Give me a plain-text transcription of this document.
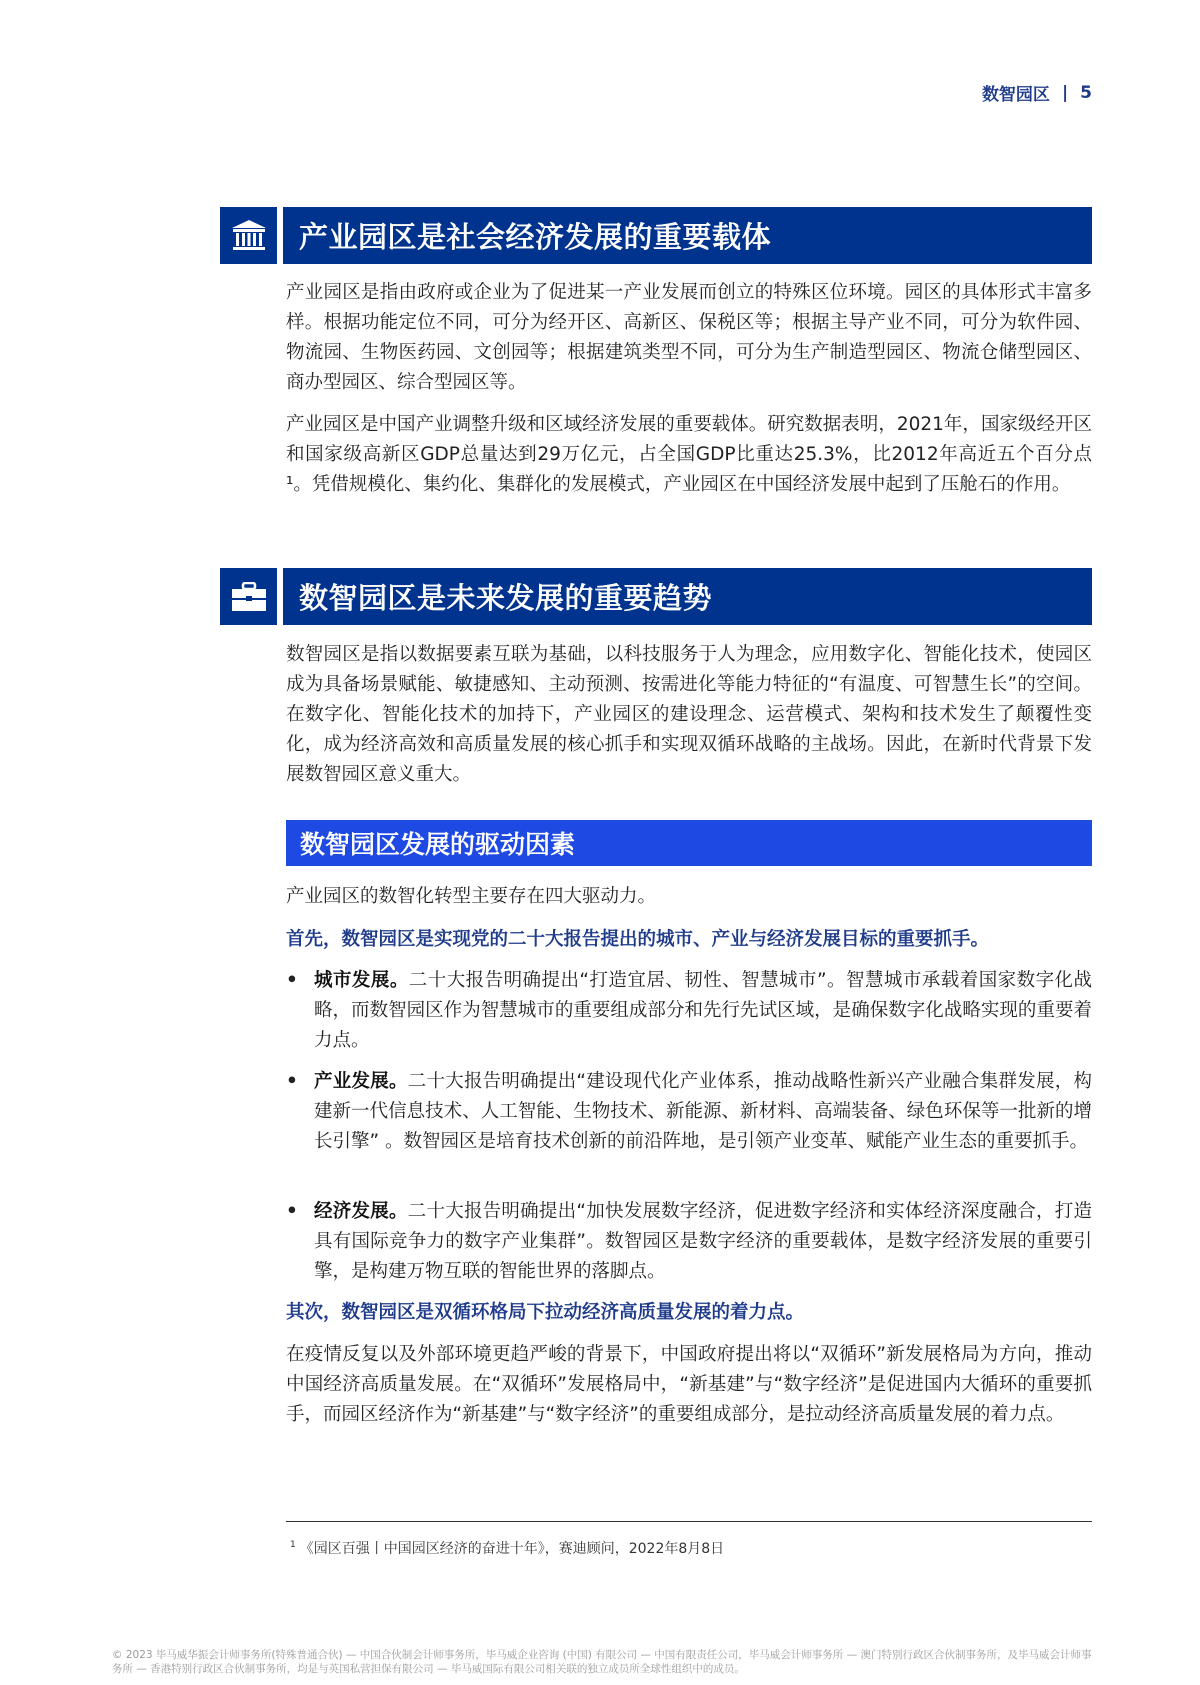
数智园区 | 5
产业园区是社会经济发展的重要载体

产业园区是指由政府或企业为了促进某一产业发展而创立的特殊区位环境。园区的具体形式丰富多样。根据功能定位不同，可分为经开区、高新区、保税区等；根据主导产业不同，可分为软件园、物流园、生物医药园、文创园等；根据建筑类型不同，可分为生产制造型园区、物流仓储型园区、商办型园区、综合型园区等。

产业园区是中国产业调整升级和区域经济发展的重要载体。研究数据表明，2021年，国家级经开区和国家级高新区GDP总量达到29万亿元，占全国GDP比重达25.3%，比2012年高近五个百分点¹。凭借规模化、集约化、集群化的发展模式，产业园区在中国经济发展中起到了压舱石的作用。

数智园区是未来发展的重要趋势

数智园区是指以数据要素互联为基础，以科技服务于人为理念，应用数字化、智能化技术，使园区成为具备场景赋能、敏捷感知、主动预测、按需进化等能力特征的“有温度、可智慧生长”的空间。在数字化、智能化技术的加持下，产业园区的建设理念、运营模式、架构和技术发生了颠覆性变化，成为经济高效和高质量发展的核心抓手和实现双循环战略的主战场。因此，在新时代背景下发展数智园区意义重大。

数智园区发展的驱动因素

产业园区的数智化转型主要存在四大驱动力。

首先，数智园区是实现党的二十大报告提出的城市、产业与经济发展目标的重要抓手。

• 城市发展。二十大报告明确提出“打造宜居、韧性、智慧城市”。智慧城市承载着国家数字化战略，而数智园区作为智慧城市的重要组成部分和先行先试区域，是确保数字化战略实现的重要着力点。
• 产业发展。二十大报告明确提出“建设现代化产业体系，推动战略性新兴产业融合集群发展，构建新一代信息技术、人工智能、生物技术、新能源、新材料、高端装备、绿色环保等一批新的增长引擎” 。数智园区是培育技术创新的前沿阵地，是引领产业变革、赋能产业生态的重要抓手。
• 经济发展。二十大报告明确提出“加快发展数字经济，促进数字经济和实体经济深度融合，打造具有国际竞争力的数字产业集群”。数智园区是数字经济的重要载体，是数字经济发展的重要引擎，是构建万物互联的智能世界的落脚点。

其次，数智园区是双循环格局下拉动经济高质量发展的着力点。

在疫情反复以及外部环境更趋严峻的背景下，中国政府提出将以“双循环”新发展格局为方向，推动中国经济高质量发展。在“双循环”发展格局中，“新基建”与“数字经济”是促进国内大循环的重要抓手，而园区经济作为“新基建”与“数字经济”的重要组成部分，是拉动经济高质量发展的着力点。

$^1$ 《园区百强丨中国园区经济的奋进十年》，赛迪顾问，2022年8月8日
© 2023 毕马威华振会计师事务所(特殊普通合伙) — 中国合伙制会计师事务所，毕马威企业咨询 (中国) 有限公司 — 中国有限责任公司，毕马威会计师事务所 — 澳门特别行政区合伙制事务所，及毕马威会计师事务所 — 香港特别行政区合伙制事务所，均是与英国私营担保有限公司 — 毕马威国际有限公司相关联的独立成员所全球性组织中的成员。
